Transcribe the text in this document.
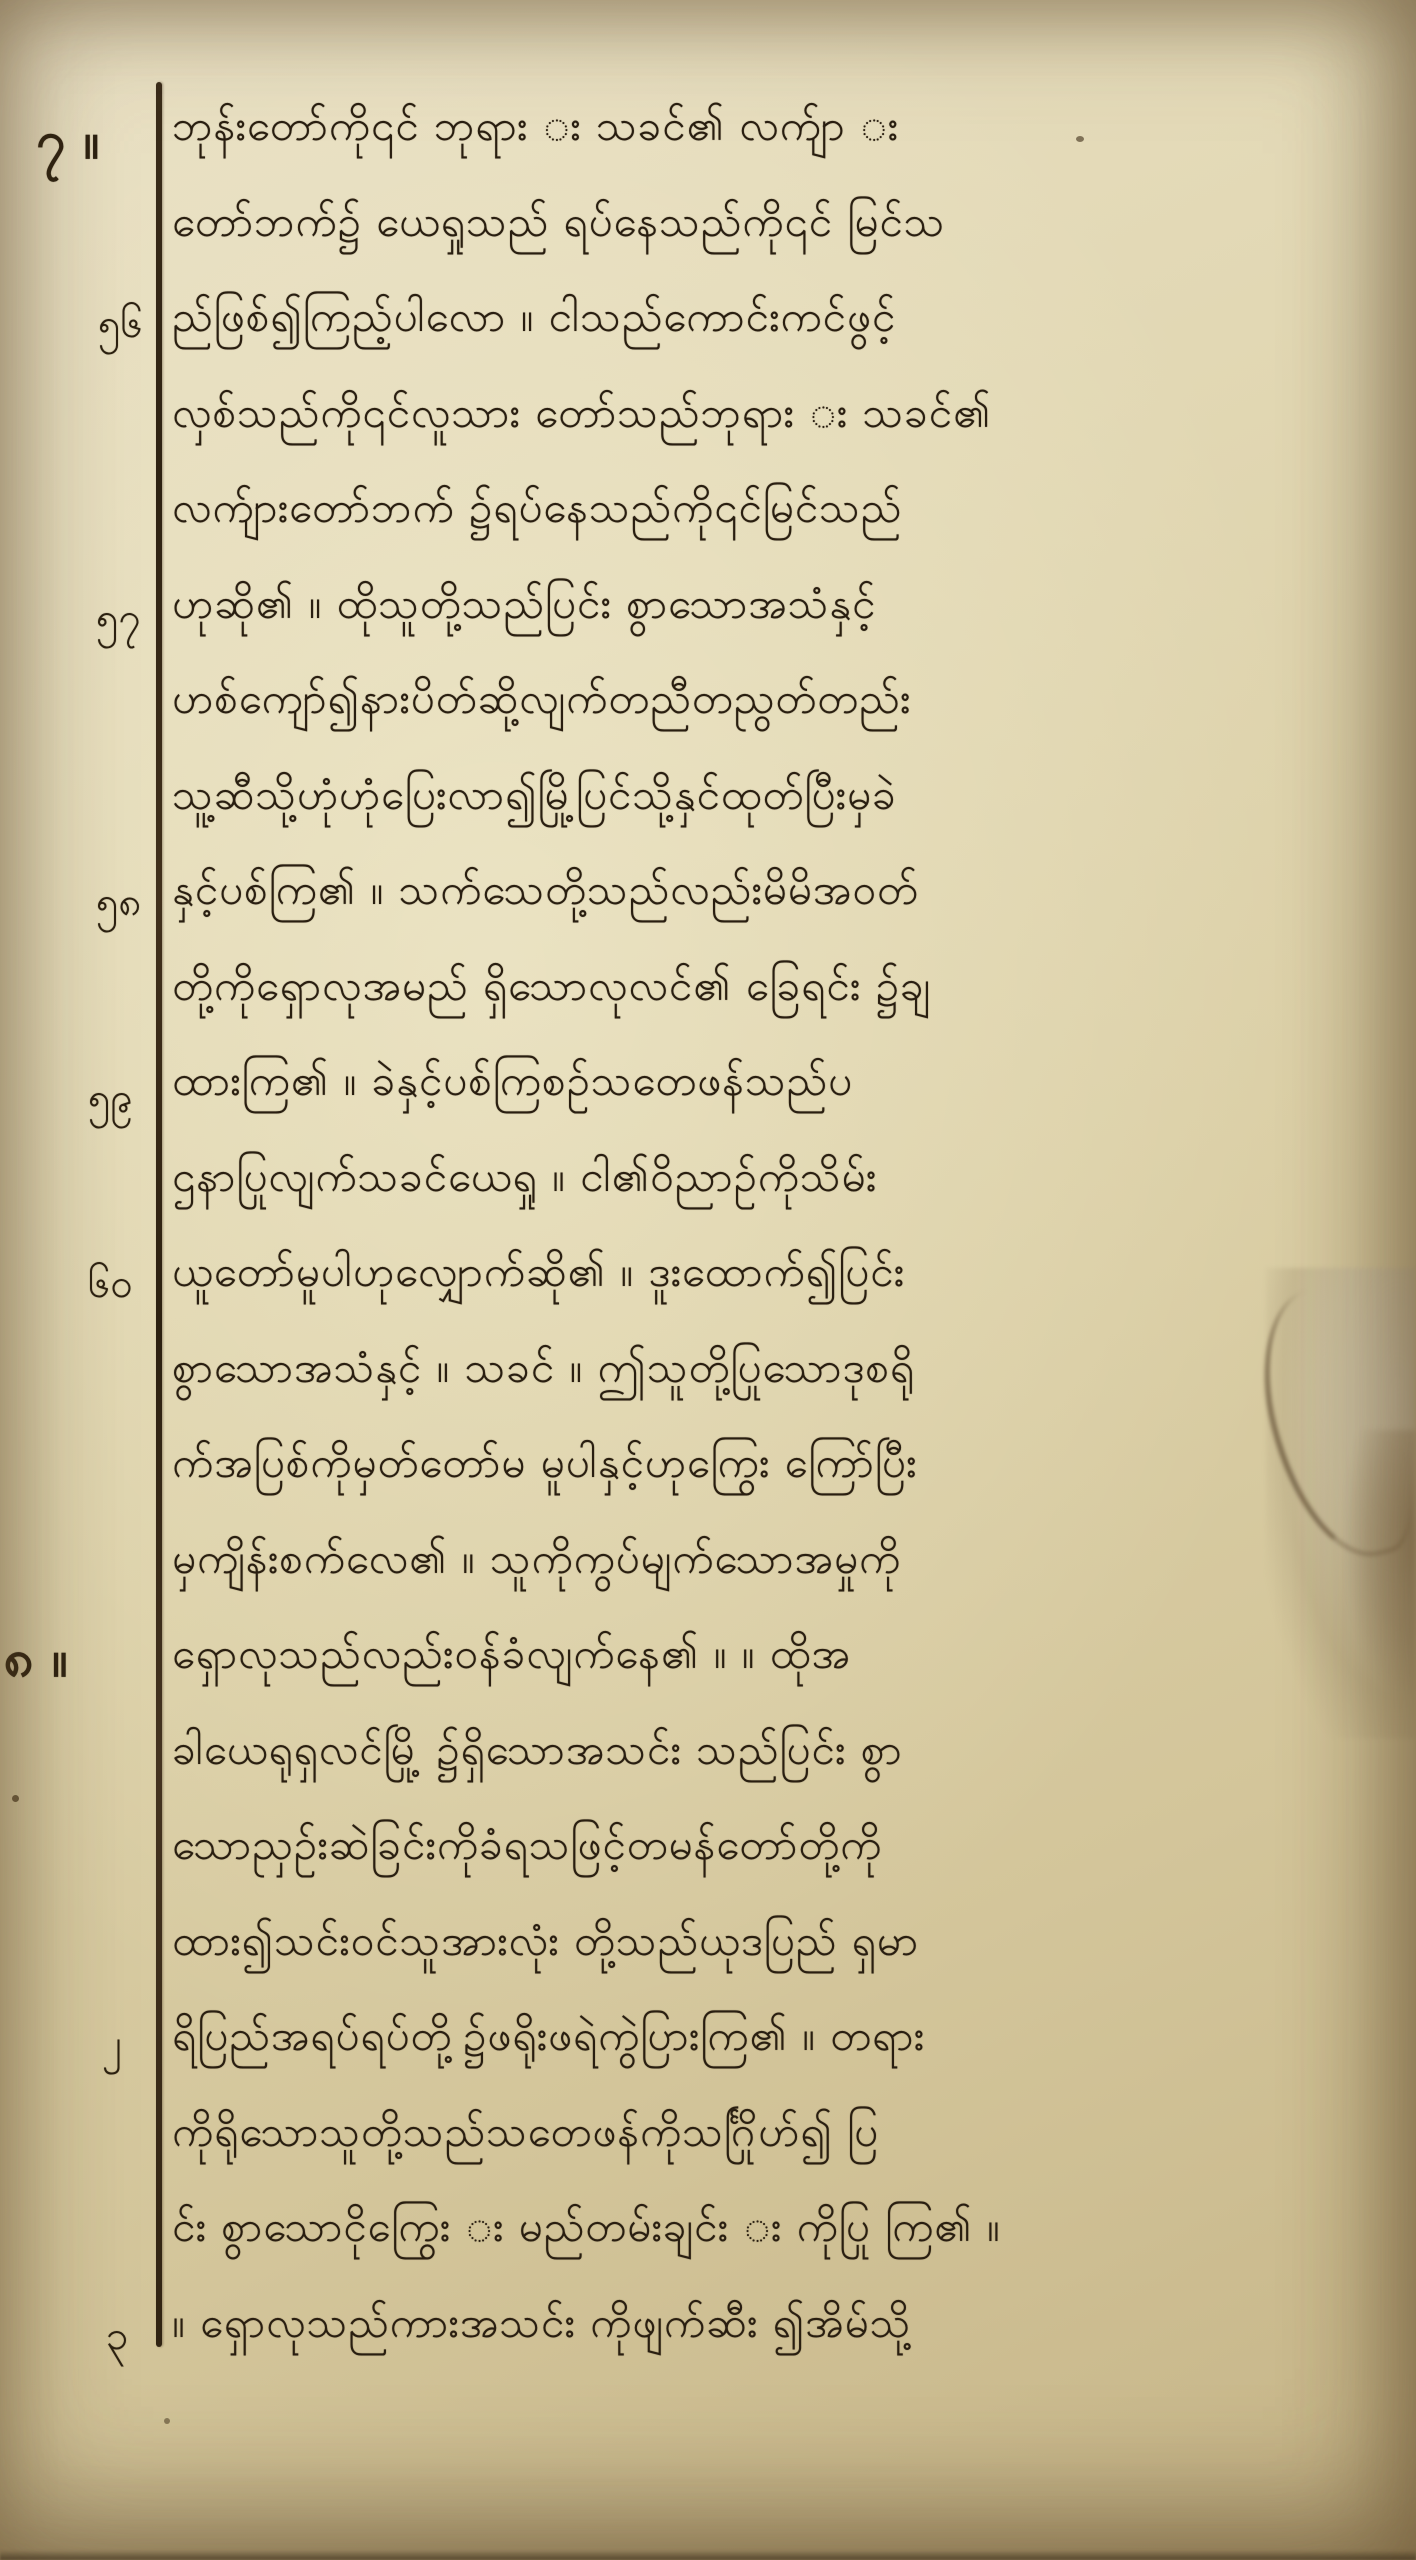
၇ ။
၅၆
၅၇
၅၈
၅၉
၆၀
၈ ။
၂
၃
ဘုန်းတော်ကို၎င် ဘုရား း သခင်၏ လက်ျာ း
တော်ဘက်၌ ယေရှုသည် ရပ်နေသည်ကို၎င် မြင်သ
ည်ဖြစ်၍ကြည့်ပါလော ။ ငါသည်ကောင်းကင်ဖွင့်
လှစ်သည်ကို၎င်လူသား တော်သည်ဘုရား း သခင်၏
လက်ျားတော်ဘက် ၌ရပ်နေသည်ကို၎င်မြင်သည်
ဟုဆို၏ ။ ထိုသူတို့သည်ပြင်း စွာသောအသံနှင့်
ဟစ်ကျော်၍နားပိတ်ဆို့လျက်တညီတညွတ်တည်း
သူ့ဆီသို့ဟုံဟုံပြေးလာ၍မြို့ပြင်သို့နှင်ထုတ်ပြီးမှခဲ
နှင့်ပစ်ကြ၏ ။ သက်သေတို့သည်လည်းမိမိအဝတ်
တို့ကိုရှောလုအမည် ရှိသောလုလင်၏ ခြေရင်း ၌ချ
ထားကြ၏ ။ ခဲနှင့်ပစ်ကြစဉ်သတေဖန်သည်ပ
ဌနာပြုလျက်သခင်ယေရှု ။ ငါ၏ဝိညာဉ်ကိုသိမ်း
ယူတော်မူပါဟုလျှောက်ဆို၏ ။ ဒူးထောက်၍ပြင်း
စွာသောအသံနှင့် ။ သခင် ။ ဤသူတို့ပြုသောဒုစရို
က်အပြစ်ကိုမှတ်တော်မ မူပါနှင့်ဟုကြွေး ကြော်ပြီး
မှကျိန်းစက်လေ၏ ။ သူကိုကွပ်မျက်သောအမှုကို
ရှောလုသည်လည်းဝန်ခံလျက်နေ၏ ။ ။ ထိုအ
ခါယေရုရှလင်မြို့ ၌ရှိသောအသင်း သည်ပြင်း စွာ
သောညှဉ်းဆဲခြင်းကိုခံရသဖြင့်တမန်တော်တို့ကို
ထား၍သင်းဝင်သူအားလုံး တို့သည်ယုဒပြည် ရှမာ
ရိပြည်အရပ်ရပ်တို့၌ဖရိုးဖရဲကွဲပြားကြ၏ ။ တရား
ကိုရိုသောသူတို့သည်သတေဖန်ကိုသင်္ဂြိုဟ်၍ ပြ
င်း စွာသောငိုကြွေး း မည်တမ်းချင်း း ကိုပြု ကြ၏ ။
။ ရှောလုသည်ကားအသင်း ကိုဖျက်ဆီး ၍အိမ်သို့
